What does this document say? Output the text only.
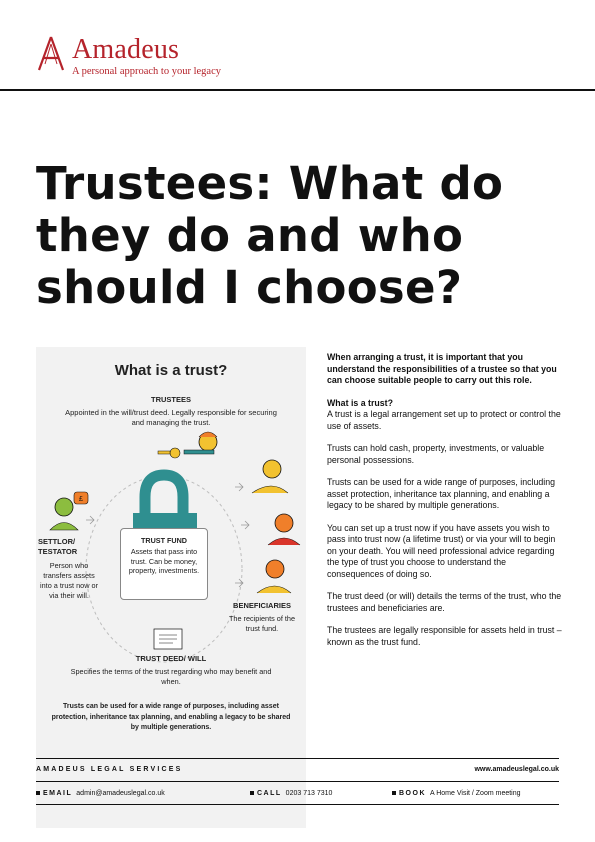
Amadeus
A personal approach to your legacy
Trustees: What do they do and who should I choose?
£
What is a trust?
TRUSTEES
Appointed in the will/trust deed. Legally responsible for securing and managing the trust.
SETTLOR/ TESTATOR
Person who transfers assets into a trust now or via their will.
TRUST FUND
Assets that pass into trust. Can be money, property, investments.
BENEFICIARIES
The recipients of the trust fund.
TRUST DEED/ WILL
Specifies the terms of the trust regarding who may benefit and when.
Trusts can be used for a wide range of purposes, including asset protection, inheritance tax planning, and enabling a legacy to be shared by multiple generations.

When arranging a trust, it is important that you understand the responsibilities of a trustee so that you can choose suitable people to carry out this role.

What is a trust?

A trust is a legal arrangement set up to protect or control the use of assets.

Trusts can hold cash, property, investments, or valuable personal possessions.

Trusts can be used for a wide range of purposes, including asset protection, inheritance tax planning, and enabling a legacy to be shared by multiple generations.

You can set up a trust now if you have assets you wish to pass into trust now (a lifetime trust) or via your will to begin on your death. You will need professional advice regarding the type of trust you choose to understand the consequences of doing so.

The trust deed (or will) details the terms of the trust, who the trustees and beneficiaries are.

The trustees are legally responsible for assets held in trust – known as the trust fund.

AMADEUS LEGAL SERVICES	www.amadeuslegal.co.uk
EMAIL admin@amadeuslegal.co.uk	CALL 0203 713 7310	BOOK A Home Visit / Zoom meeting
